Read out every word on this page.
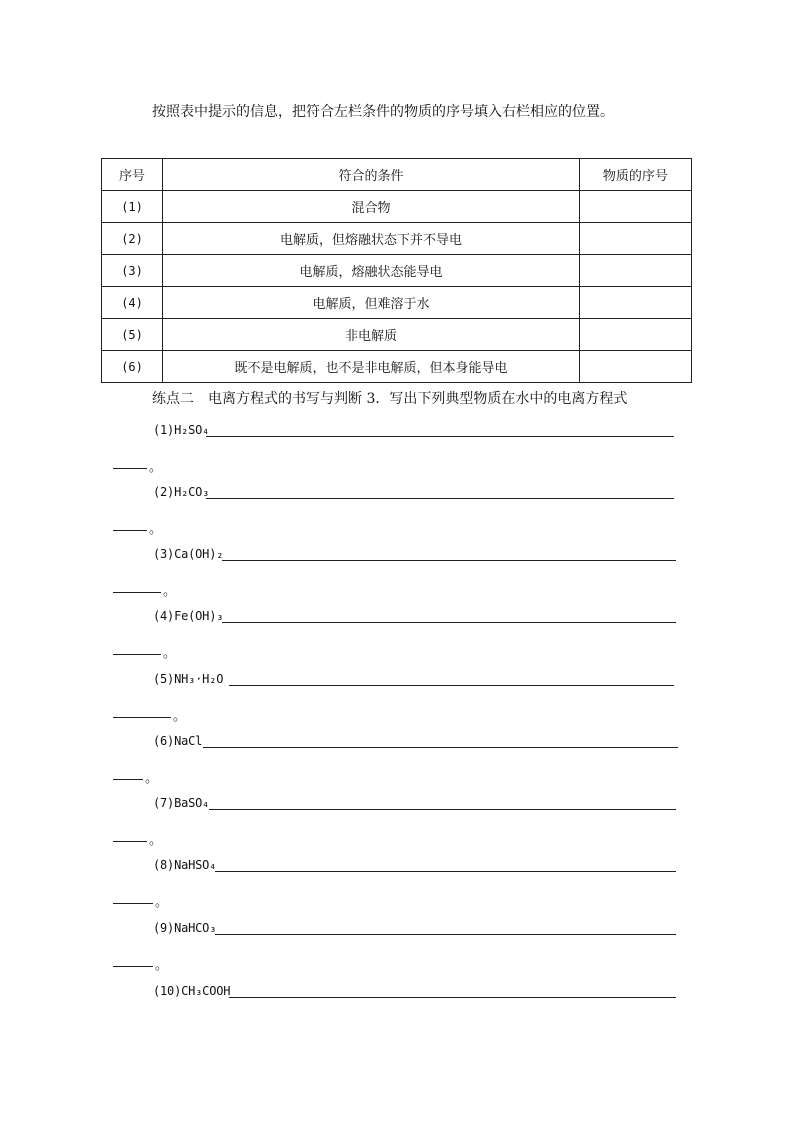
按照表中提示的信息，把符合左栏条件的物质的序号填入右栏相应的位置。
序号	符合的条件	物质的序号
(1)	混合物	
(2)	电解质，但熔融状态下并不导电	
(3)	电解质，熔融状态能导电	
(4)	电解质，但难溶于水	
(5)	非电解质	
(6)	既不是电解质，也不是非电解质，但本身能导电	
练点二　电离方程式的书写与判断 3．写出下列典型物质在水中的电离方程式
(1)H₂SO₄
。
(2)H₂CO₃
。
(3)Ca(OH)₂
。
(4)Fe(OH)₃
。
(5)NH₃·H₂O
。
(6)NaCl
。
(7)BaSO₄
。
(8)NaHSO₄
。
(9)NaHCO₃
。
(10)CH₃COOH
